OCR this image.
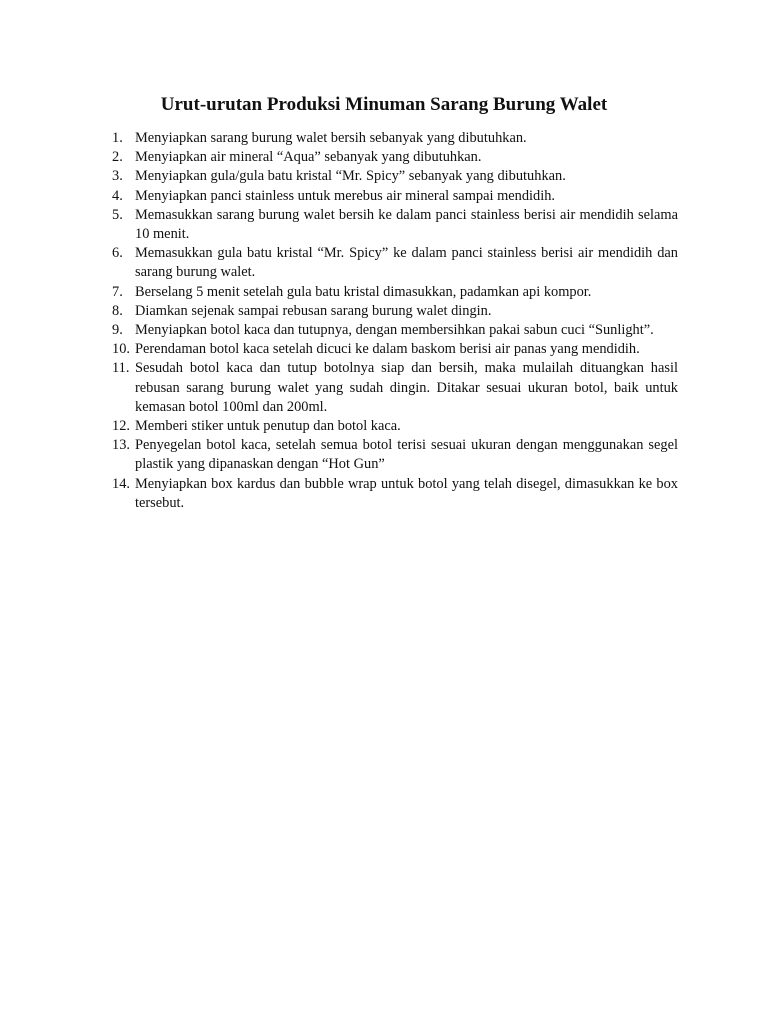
Urut-urutan Produksi Minuman Sarang Burung Walet
1. Menyiapkan sarang burung walet bersih sebanyak yang dibutuhkan.
2. Menyiapkan air mineral “Aqua” sebanyak yang dibutuhkan.
3. Menyiapkan gula/gula batu kristal “Mr. Spicy” sebanyak yang dibutuhkan.
4. Menyiapkan panci stainless untuk merebus air mineral sampai mendidih.
5. Memasukkan sarang burung walet bersih ke dalam panci stainless berisi air mendidih selama 10 menit.
6. Memasukkan gula batu kristal “Mr. Spicy” ke dalam panci stainless berisi air mendidih dan sarang burung walet.
7. Berselang 5 menit setelah gula batu kristal dimasukkan, padamkan api kompor.
8. Diamkan sejenak sampai rebusan sarang burung walet dingin.
9. Menyiapkan botol kaca dan tutupnya, dengan membersihkan pakai sabun cuci “Sunlight”.
10. Perendaman botol kaca setelah dicuci ke dalam baskom berisi air panas yang mendidih.
11. Sesudah botol kaca dan tutup botolnya siap dan bersih, maka mulailah dituangkan hasil rebusan sarang burung walet yang sudah dingin. Ditakar sesuai ukuran botol, baik untuk kemasan botol 100ml dan 200ml.
12. Memberi stiker untuk penutup dan botol kaca.
13. Penyegelan botol kaca, setelah semua botol terisi sesuai ukuran dengan menggunakan segel plastik yang dipanaskan dengan “Hot Gun”
14. Menyiapkan box kardus dan bubble wrap untuk botol yang telah disegel, dimasukkan ke box tersebut.
